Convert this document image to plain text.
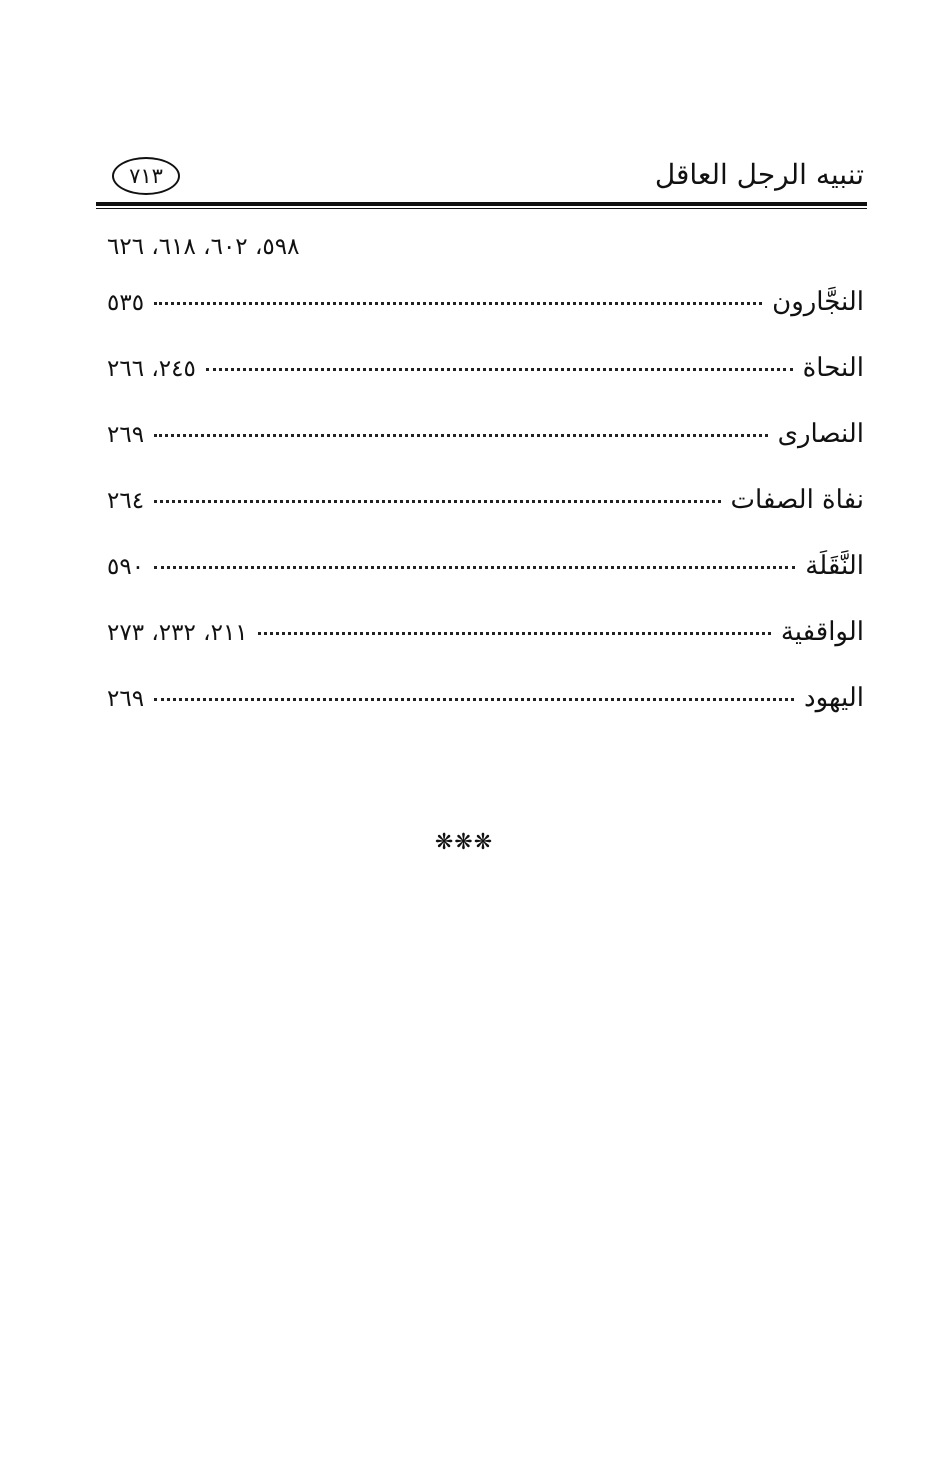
تنبيه الرجل العاقل
٧١٣
٥٩٨، ٦٠٢، ٦١٨، ٦٢٦
النجَّارون
٥٣٥
النحاة
٢٤٥، ٢٦٦
النصارى
٢٦٩
نفاة الصفات
٢٦٤
النَّقَلَة
٥٩٠
الواقفية
٢١١، ٢٣٢، ٢٧٣
اليهود
٢٦٩
❋❋❋
